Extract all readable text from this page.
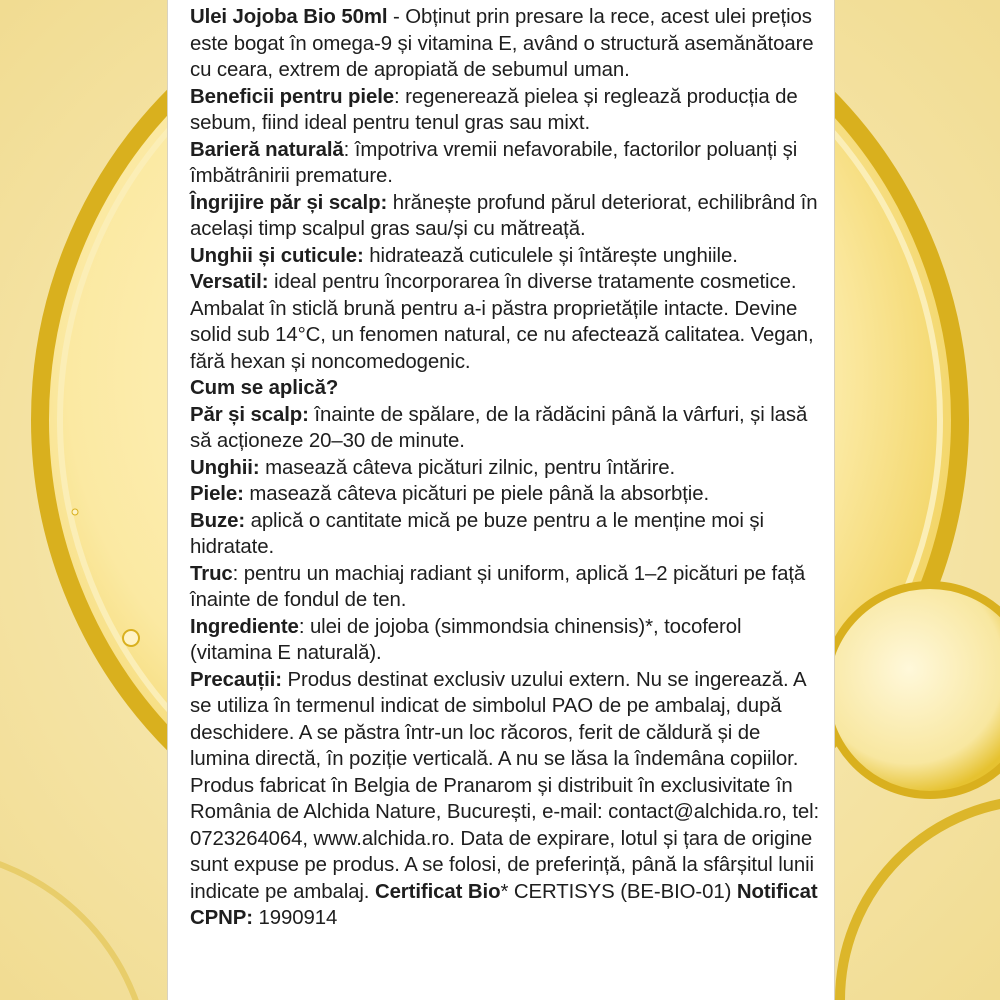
Ulei Jojoba Bio 50ml - Obținut prin presare la rece, acest ulei prețios este bogat în omega-9 și vitamina E, având o structură asemănătoare cu ceara, extrem de apropiată de sebumul uman.

Beneficii pentru piele: regenerează pielea și reglează producția de sebum, fiind ideal pentru tenul gras sau mixt.

Barieră naturală: împotriva vremii nefavorabile, factorilor poluanți și îmbătrânirii premature.

Îngrijire păr și scalp: hrănește profund părul deteriorat, echilibrând în același timp scalpul gras sau/și cu mătreață.

Unghii și cuticule: hidratează cuticulele și întărește unghiile.

Versatil: ideal pentru încorporarea în diverse tratamente cosmetice. Ambalat în sticlă brună pentru a-i păstra proprietățile intacte. Devine solid sub 14°C, un fenomen natural, ce nu afectează calitatea. Vegan, fără hexan și noncomedogenic.

Cum se aplică?

Păr și scalp: înainte de spălare, de la rădăcini până la vârfuri, și lasă să acționeze 20–30 de minute.

Unghii: masează câteva picături zilnic, pentru întărire.

Piele: masează câteva picături pe piele până la absorbție.

Buze: aplică o cantitate mică pe buze pentru a le menține moi și hidratate.

Truc: pentru un machiaj radiant și uniform, aplică 1–2 picături pe față înainte de fondul de ten.

Ingrediente: ulei de jojoba (simmondsia chinensis)*, tocoferol (vitamina E naturală).

Precauții: Produs destinat exclusiv uzului extern. Nu se ingerează. A se utiliza în termenul indicat de simbolul PAO de pe ambalaj, după deschidere. A se păstra într-un loc răcoros, ferit de căldură și de lumina directă, în poziție verticală. A nu se lăsa la îndemâna copiilor. Produs fabricat în Belgia de Pranarom și distribuit în exclusivitate în România de Alchida Nature, București, e-mail: contact@alchida.ro, tel: 0723264064, www.alchida.ro. Data de expirare, lotul și țara de origine sunt expuse pe produs. A se folosi, de preferință, până la sfârșitul lunii indicate pe ambalaj. Certificat Bio* CERTISYS (BE-BIO-01) Notificat CPNP: 1990914
